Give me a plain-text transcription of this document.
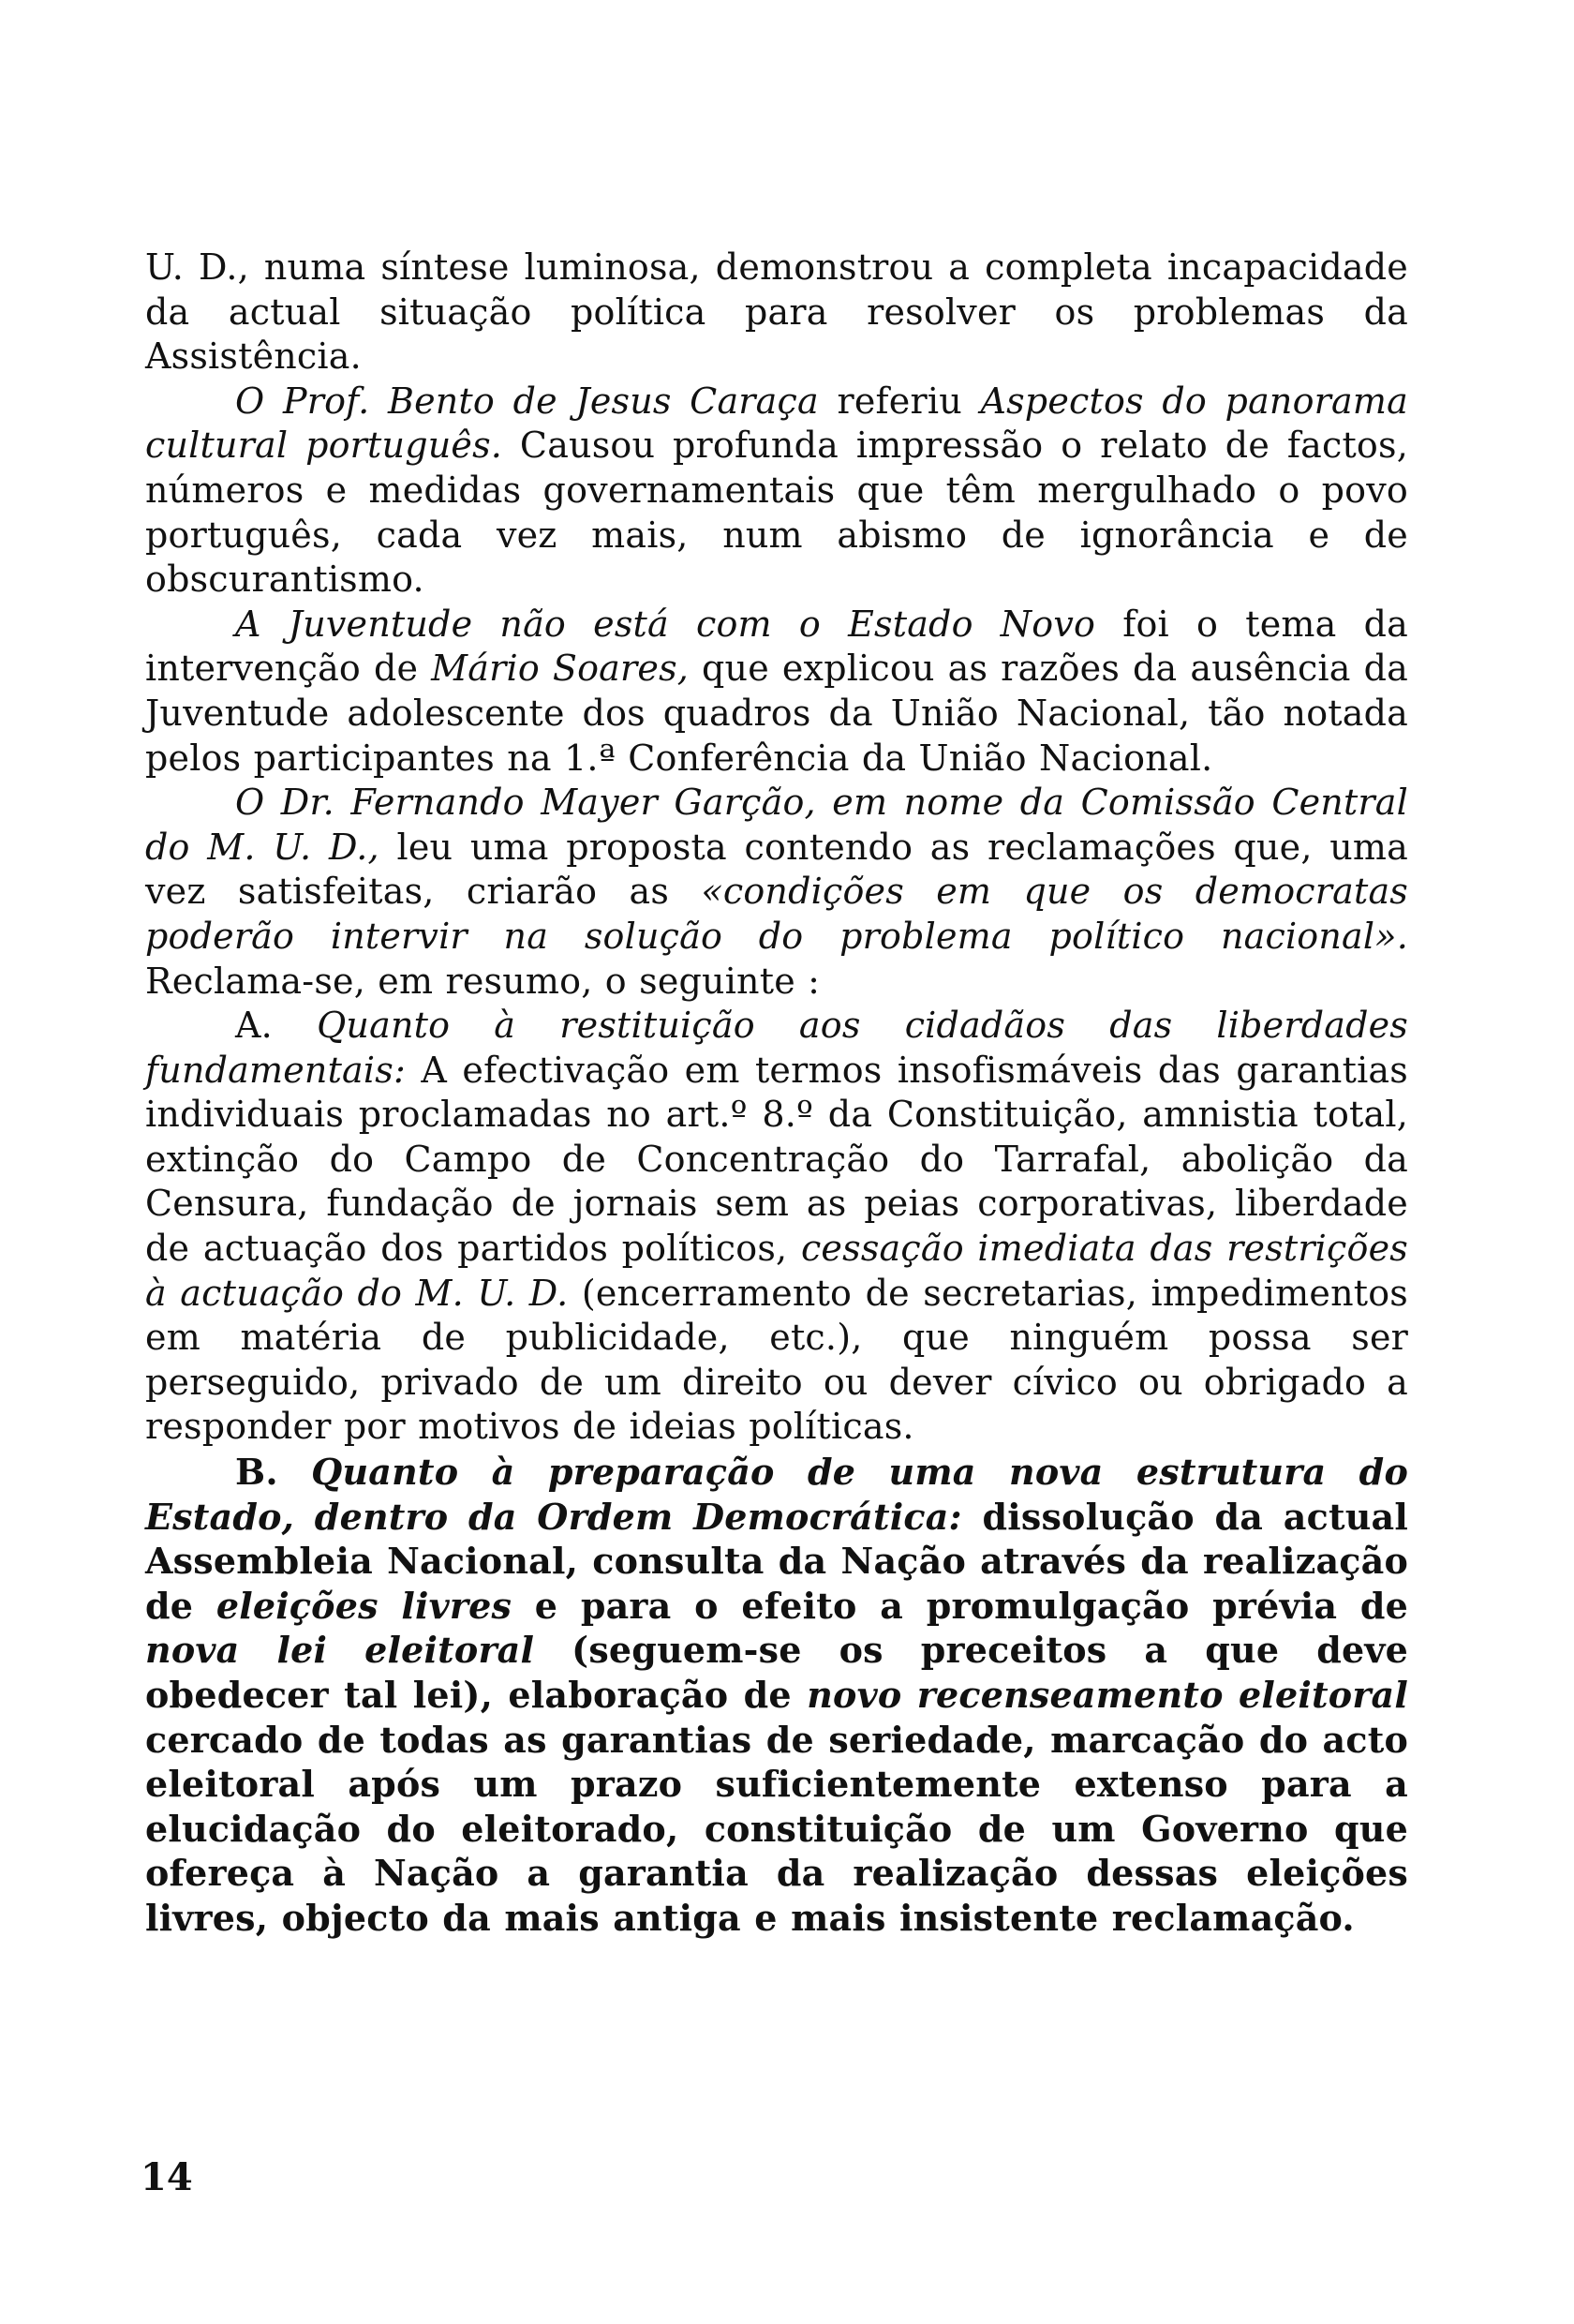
U. D., numa síntese luminosa, demonstrou a completa incapacidade da actual situação política para resolver os problemas da Assistência.

O Prof. Bento de Jesus Caraça referiu Aspectos do panorama cultural português. Causou profunda impressão o relato de factos, números e medidas governamentais que têm mergulhado o povo português, cada vez mais, num abismo de ignorância e de obscurantismo.

A Juventude não está com o Estado Novo foi o tema da intervenção de Mário Soares, que explicou as razões da ausência da Juventude adolescente dos quadros da União Nacional, tão notada pelos participantes na 1.ª Conferência da União Nacional.

O Dr. Fernando Mayer Garção, em nome da Comissão Central do M. U. D., leu uma proposta contendo as reclamações que, uma vez satisfeitas, criarão as «condições em que os democratas poderão intervir na solução do problema político nacional». Reclama-se, em resumo, o seguinte :

A. Quanto à restituição aos cidadãos das liberdades fundamentais: A efectivação em termos insofismáveis das garantias individuais proclamadas no art.º 8.º da Constituição, amnistia total, extinção do Campo de Concentração do Tarrafal, abolição da Censura, fundação de jornais sem as peias corporativas, liberdade de actuação dos partidos políticos, cessação imediata das restrições à actuação do M. U. D. (encerramento de secretarias, impedimentos em matéria de publicidade, etc.), que ninguém possa ser perseguido, privado de um direito ou dever cívico ou obrigado a responder por motivos de ideias políticas.

B. Quanto à preparação de uma nova estrutura do Estado, dentro da Ordem Democrática: dissolução da actual Assembleia Nacional, consulta da Nação através da realização de eleições livres e para o efeito a promulgação prévia de nova lei eleitoral (seguem-se os preceitos a que deve obedecer tal lei), elaboração de novo recenseamento eleitoral cercado de todas as garantias de seriedade, marcação do acto eleitoral após um prazo suficientemente extenso para a elucidação do eleitorado, constituição de um Governo que ofereça à Nação a garantia da realização dessas eleições livres, objecto da mais antiga e mais insistente reclamação.

14
